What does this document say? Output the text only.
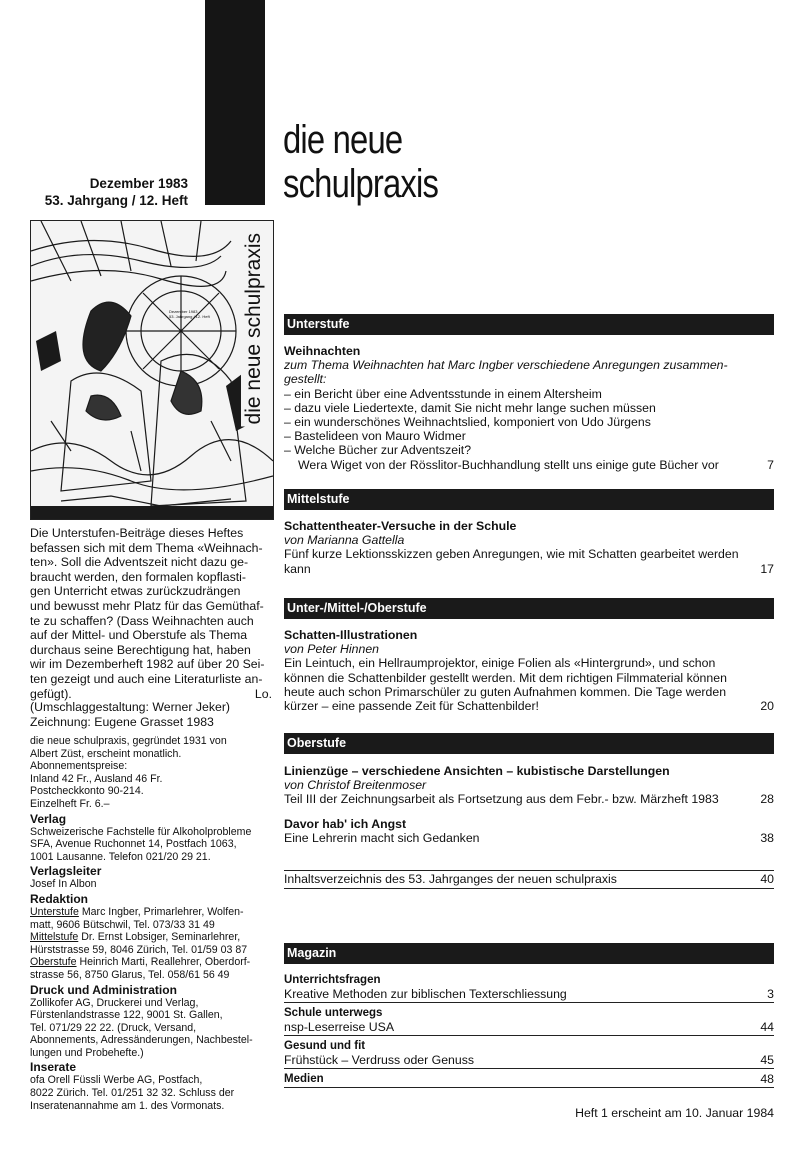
die neue
schulpraxis
Dezember 1983
53. Jahrgang / 12. Heft
Dezember 1983
53. Jahrgang / 12. Heft
die neue schulpraxis
Die Unterstufen-Beiträge dieses Heftes
befassen sich mit dem Thema «Weihnach-
ten». Soll die Adventszeit nicht dazu ge-
braucht werden, den formalen kopflasti-
gen Unterricht etwas zurückzudrängen
und bewusst mehr Platz für das Gemüthaf-
te zu schaffen? (Dass Weihnachten auch
auf der Mittel- und Oberstufe als Thema
durchaus seine Berechtigung hat, haben
wir im Dezemberheft 1982 auf über 20 Sei-
ten gezeigt und auch eine Literaturliste an-
gefügt).	Lo.
(Umschlaggestaltung: Werner Jeker)
Zeichnung: Eugene Grasset 1983
die neue schulpraxis, gegründet 1931 von
Albert Züst, erscheint monatlich.
Abonnementspreise:
Inland 42 Fr., Ausland 46 Fr.
Postcheckkonto 90-214.
Einzelheft Fr. 6.–
Verlag
Schweizerische Fachstelle für Alkoholprobleme
SFA, Avenue Ruchonnet 14, Postfach 1063,
1001 Lausanne. Telefon 021/20 29 21.
Verlagsleiter
Josef In Albon
Redaktion
Unterstufe Marc Ingber, Primarlehrer, Wolfen-
matt, 9606 Bütschwil, Tel. 073/33 31 49
Mittelstufe Dr. Ernst Lobsiger, Seminarlehrer,
Hürststrasse 59, 8046 Zürich, Tel. 01/59 03 87
Oberstufe Heinrich Marti, Reallehrer, Oberdorf-
strasse 56, 8750 Glarus, Tel. 058/61 56 49
Druck und Administration
Zollikofer AG, Druckerei und Verlag,
Fürstenlandstrasse 122, 9001 St. Gallen,
Tel. 071/29 22 22. (Druck, Versand,
Abonnements, Adressänderungen, Nachbestel-
lungen und Probehefte.)
Inserate
ofa Orell Füssli Werbe AG, Postfach,
8022 Zürich. Tel. 01/251 32 32. Schluss der
Inseratenannahme am 1. des Vormonats.
Unterstufe
Weihnachten
zum Thema Weihnachten hat Marc Ingber verschiedene Anregungen zusammen-
gestellt:
– ein Bericht über eine Adventsstunde in einem Altersheim
– dazu viele Liedertexte, damit Sie nicht mehr lange suchen müssen
– ein wunderschönes Weihnachtslied, komponiert von Udo Jürgens
– Bastelideen von Mauro Widmer
– Welche Bücher zur Adventszeit?
Wera Wiget von der Rösslitor-Buchhandlung stellt uns einige gute Bücher vor	7
Mittelstufe
Schattentheater-Versuche in der Schule
von Marianna Gattella
Fünf kurze Lektionsskizzen geben Anregungen, wie mit Schatten gearbeitet werden
kann	17
Unter-/Mittel-/Oberstufe
Schatten-Illustrationen
von Peter Hinnen
Ein Leintuch, ein Hellraumprojektor, einige Folien als «Hintergrund», und schon
können die Schattenbilder gestellt werden. Mit dem richtigen Filmmaterial können
heute auch schon Primarschüler zu guten Aufnahmen kommen. Die Tage werden
kürzer – eine passende Zeit für Schattenbilder!	20
Oberstufe
Linienzüge – verschiedene Ansichten – kubistische Darstellungen
von Christof Breitenmoser
Teil III der Zeichnungsarbeit als Fortsetzung aus dem Febr.- bzw. Märzheft 1983	28
Davor hab' ich Angst
Eine Lehrerin macht sich Gedanken	38
Inhaltsverzeichnis des 53. Jahrganges der neuen schulpraxis	40
Magazin
Unterrichtsfragen
Kreative Methoden zur biblischen Texterschliessung	3
Schule unterwegs
nsp-Leserreise USA	44
Gesund und fit
Frühstück – Verdruss oder Genuss	45
Medien	48
Heft 1 erscheint am 10. Januar 1984
